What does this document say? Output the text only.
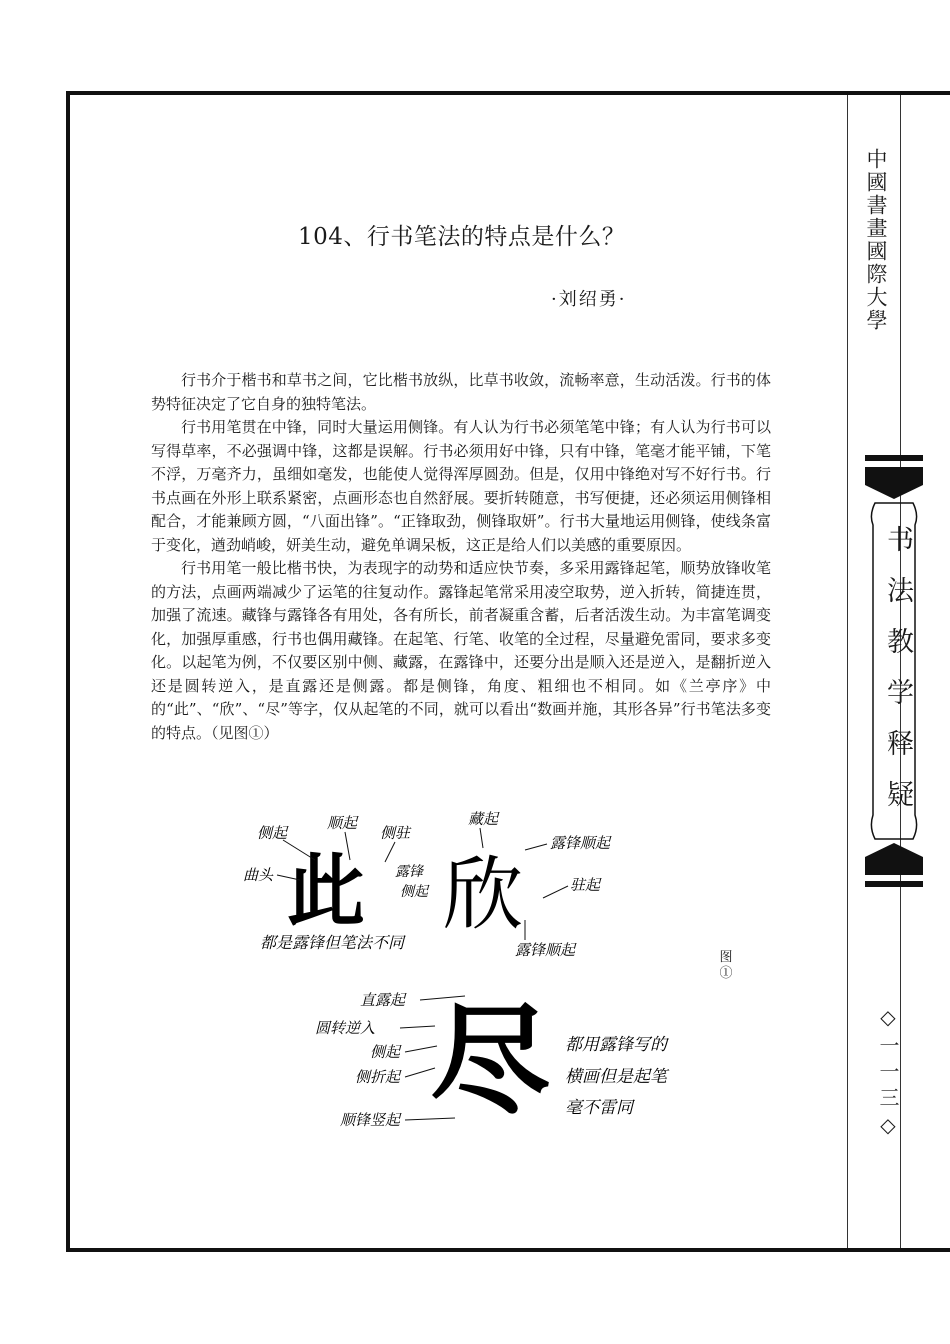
中國書畫國際大學
书法教学释疑
◇一一三◇
104、行书笔法的特点是什么？
·刘绍勇·

行书介于楷书和草书之间，它比楷书放纵，比草书收敛，流畅率意，生动活泼。行书的体势特征决定了它自身的独特笔法。

行书用笔贯在中锋，同时大量运用侧锋。有人认为行书必须笔笔中锋；有人认为行书可以写得草率，不必强调中锋，这都是误解。行书必须用好中锋，只有中锋，笔毫才能平铺，下笔不浮，万毫齐力，虽细如毫发，也能使人觉得浑厚圆劲。但是，仅用中锋绝对写不好行书。行书点画在外形上联系紧密，点画形态也自然舒展。要折转随意，书写便捷，还必须运用侧锋相配合，才能兼顾方圆，“八面出锋”。“正锋取劲，侧锋取妍”。行书大量地运用侧锋，使线条富于变化，遒劲峭峻，妍美生动，避免单调呆板，这正是给人们以美感的重要原因。

行书用笔一般比楷书快，为表现字的动势和适应快节奏，多采用露锋起笔，顺势放锋收笔的方法，点画两端减少了运笔的往复动作。露锋起笔常采用凌空取势，逆入折转，简捷连贯，加强了流速。藏锋与露锋各有用处，各有所长，前者凝重含蓄，后者活泼生动。为丰富笔调变化，加强厚重感，行书也偶用藏锋。在起笔、行笔、收笔的全过程，尽量避免雷同，要求多变化。以起笔为例，不仅要区别中侧、藏露，在露锋中，还要分出是顺入还是逆入，是翻折逆入还是圆转逆入，是直露还是侧露。都是侧锋，角度、粗细也不相同。如《兰亭序》中的“此”、“欣”、“尽”等字，仅从起笔的不同，就可以看出“数画并施，其形各异”行书笔法多变的特点。（见图①）

侧起
顺起
侧驻
藏起
露锋顺起
曲头	露锋
侧起	驻起
露锋顺起
都是露锋但笔法不同
此 欣
尽
直露起
圆转逆入
侧起
侧折起
顺锋竖起
都用露锋写的
横画但是起笔
毫不雷同
图①
